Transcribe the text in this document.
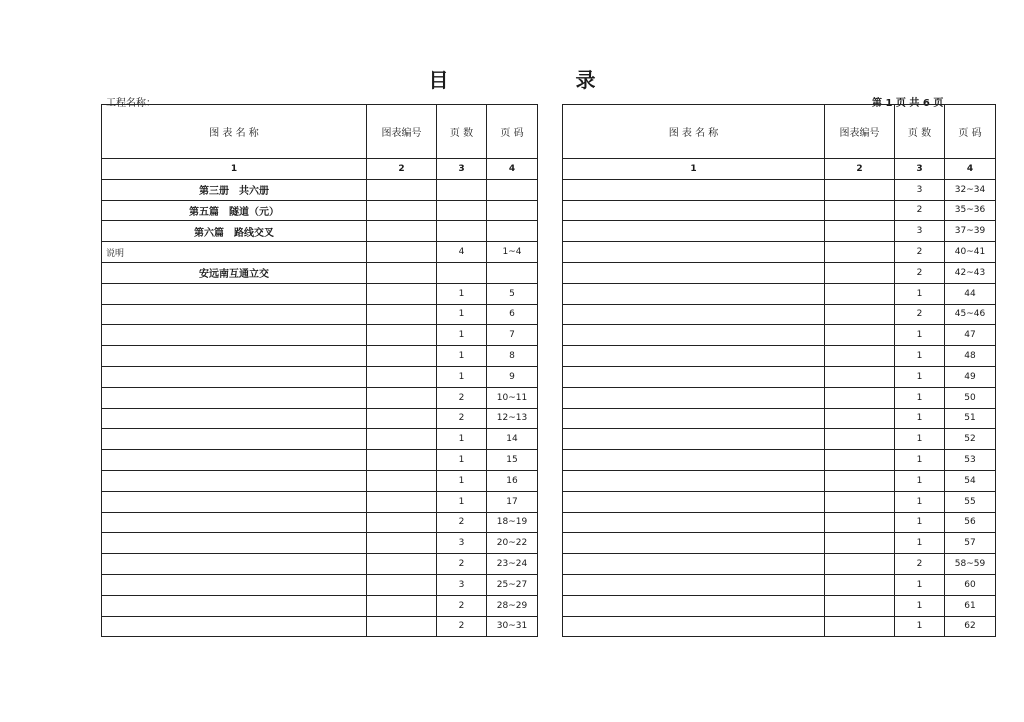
目 录
工程名称：	第 1 页 共 6 页
图 表 名 称	图表编号	页 数	页 码
1	2	3	4
第三册　共六册			
第五篇　隧道（元）			
第六篇　路线交叉			
说明		4	1~4
安远南互通立交			
		1	5
		1	6
		1	7
		1	8
		1	9
		2	10~11
		2	12~13
		1	14
		1	15
		1	16
		1	17
		2	18~19
		3	20~22
		2	23~24
		3	25~27
		2	28~29
		2	30~31
图 表 名 称	图表编号	页 数	页 码
1	2	3	4
		3	32~34
		2	35~36
		3	37~39
		2	40~41
		2	42~43
		1	44
		2	45~46
		1	47
		1	48
		1	49
		1	50
		1	51
		1	52
		1	53
		1	54
		1	55
		1	56
		1	57
		2	58~59
		1	60
		1	61
		1	62
